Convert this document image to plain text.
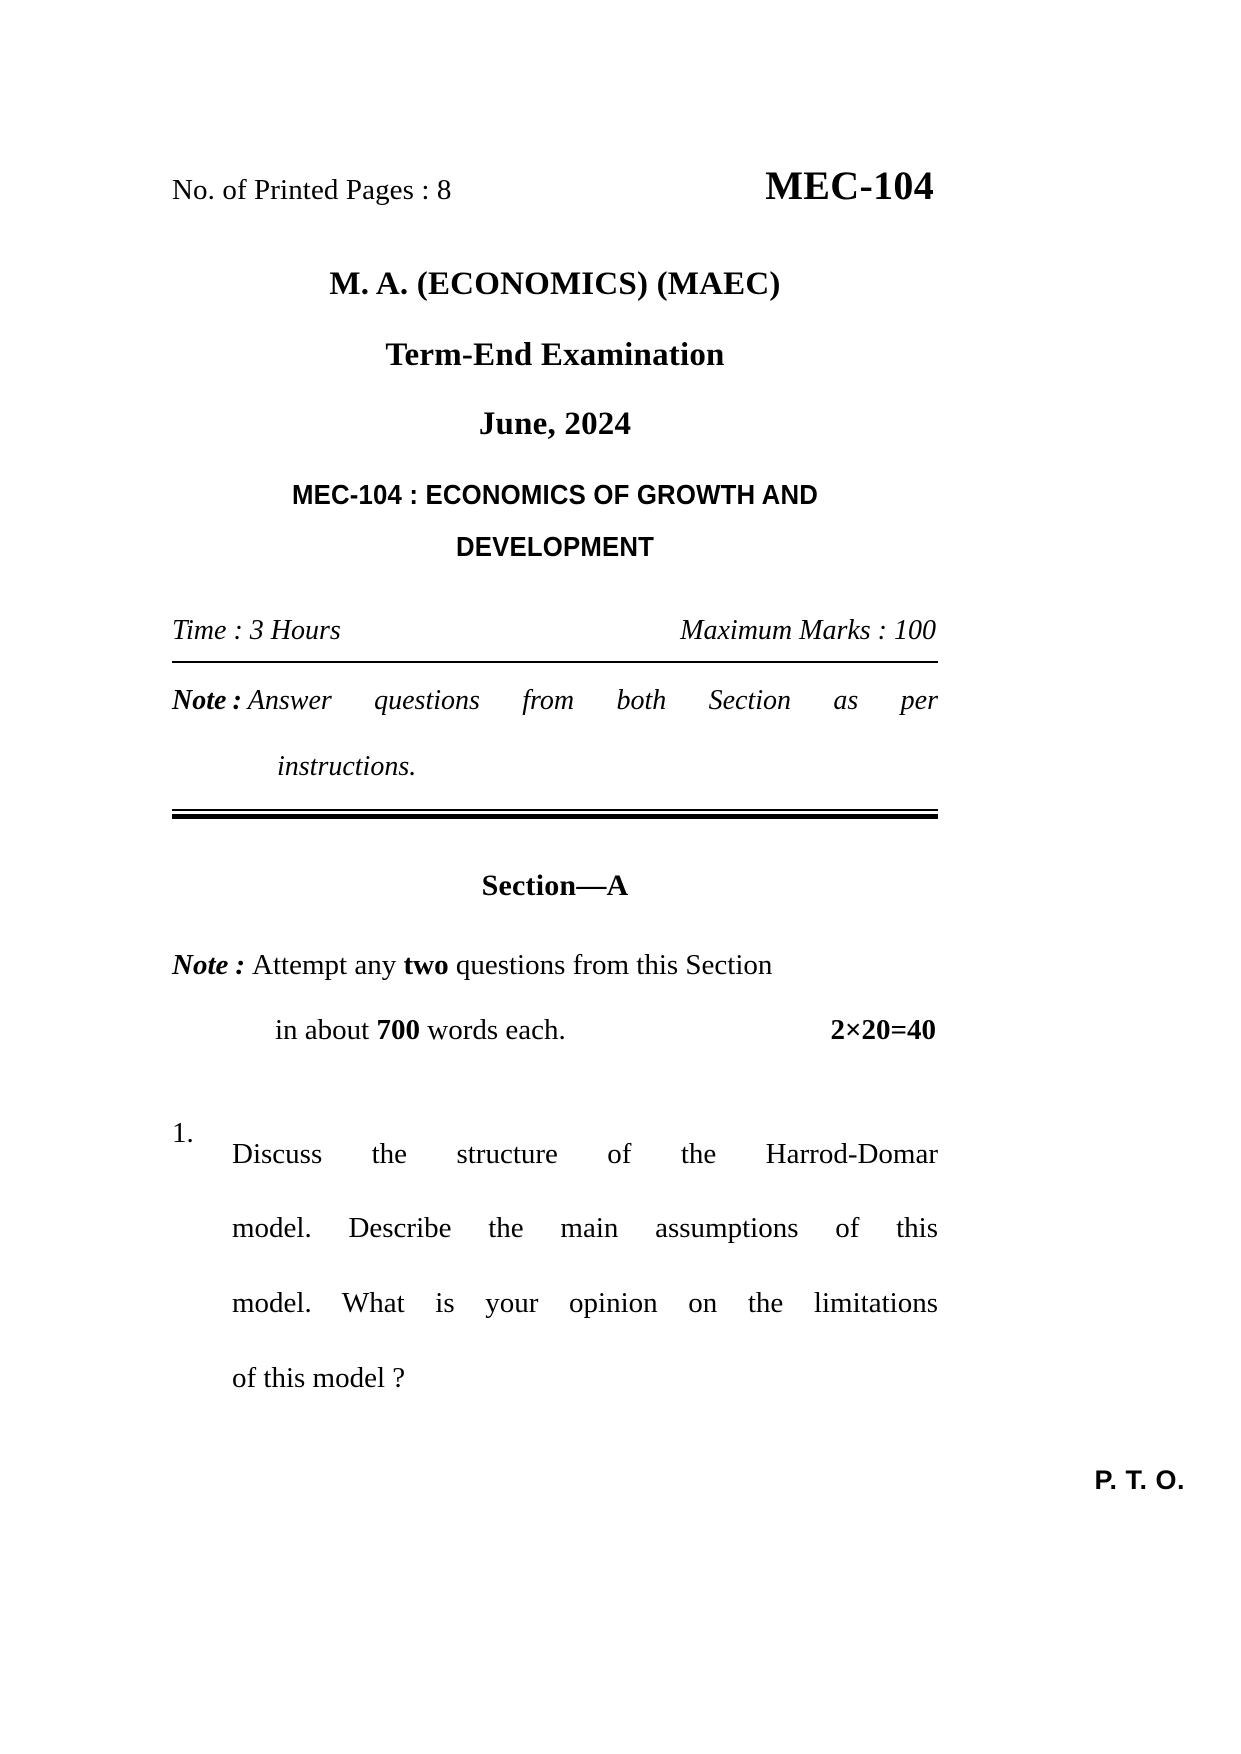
No. of Printed Pages : 8	MEC-104
M. A. (ECONOMICS) (MAEC)
Term-End Examination
June, 2024
MEC-104 : ECONOMICS OF GROWTH AND
DEVELOPMENT
Time : 3 Hours	Maximum Marks : 100
Note : Answer questions from both Section as per
instructions.
Section—A
Note : Attempt any two questions from this Section
in about 700 words each.	2×20=40
1.
Discuss the structure of the Harrod-Domar
model. Describe the main assumptions of this
model. What is your opinion on the limitations
of this model ?
P. T. O.
